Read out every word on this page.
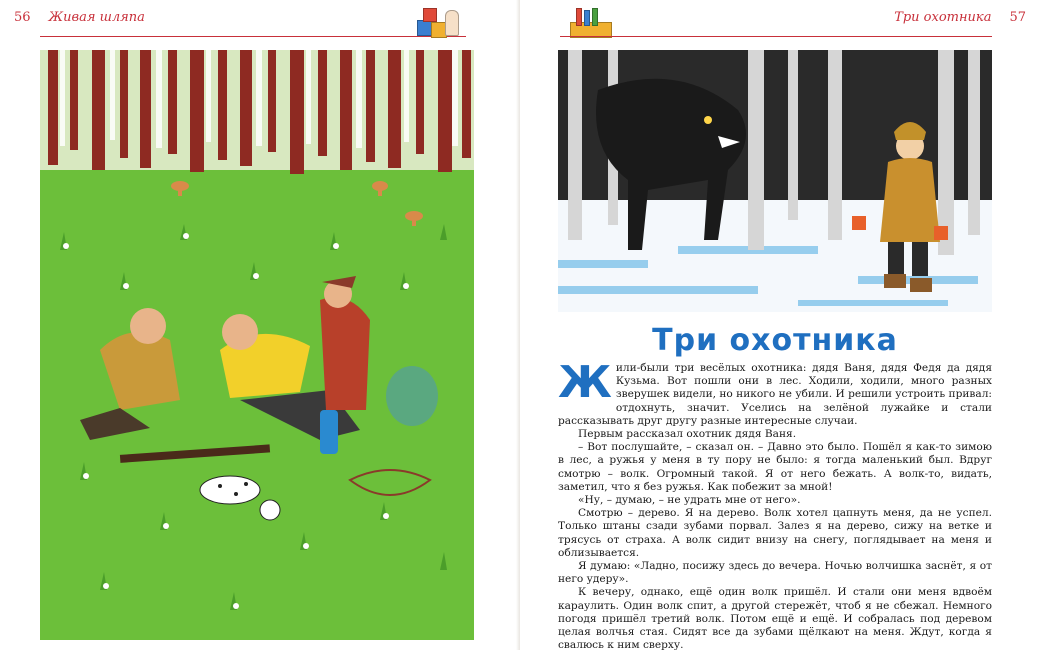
56 Живая шляпа	Три охотника 57
Три охотника

Жили-были три весёлых охотника: дядя Ваня, дядя Федя да дядя Кузьма. Вот пошли они в лес. Ходили, ходили, много разных зверушек видели, но никого не убили. И решили устроить привал: отдохнуть, значит. Уселись на зелёной лужайке и стали рассказывать друг другу разные интересные случаи.

Первым рассказал охотник дядя Ваня.

– Вот послушайте, – сказал он. – Давно это было. Пошёл я как-то зимою в лес, а ружья у меня в ту пору не было: я тогда маленький был. Вдруг смотрю – волк. Огромный такой. Я от него бежать. А волк-то, видать, заметил, что я без ружья. Как побежит за мной!

«Ну, – думаю, – не удрать мне от него».

Смотрю – дерево. Я на дерево. Волк хотел цапнуть меня, да не успел. Только штаны сзади зубами порвал. Залез я на дерево, сижу на ветке и трясусь от страха. А волк сидит внизу на снегу, поглядывает на меня и облизывается.

Я думаю: «Ладно, посижу здесь до вечера. Ночью волчишка заснёт, я от него удеру».

К вечеру, однако, ещё один волк пришёл. И стали они меня вдвоём караулить. Один волк спит, а другой стережёт, чтоб я не сбежал. Немного погодя пришёл третий волк. Потом ещё и ещё. И собралась под деревом целая волчья стая. Сидят все да зубами щёлкают на меня. Ждут, когда я свалюсь к ним сверху.
